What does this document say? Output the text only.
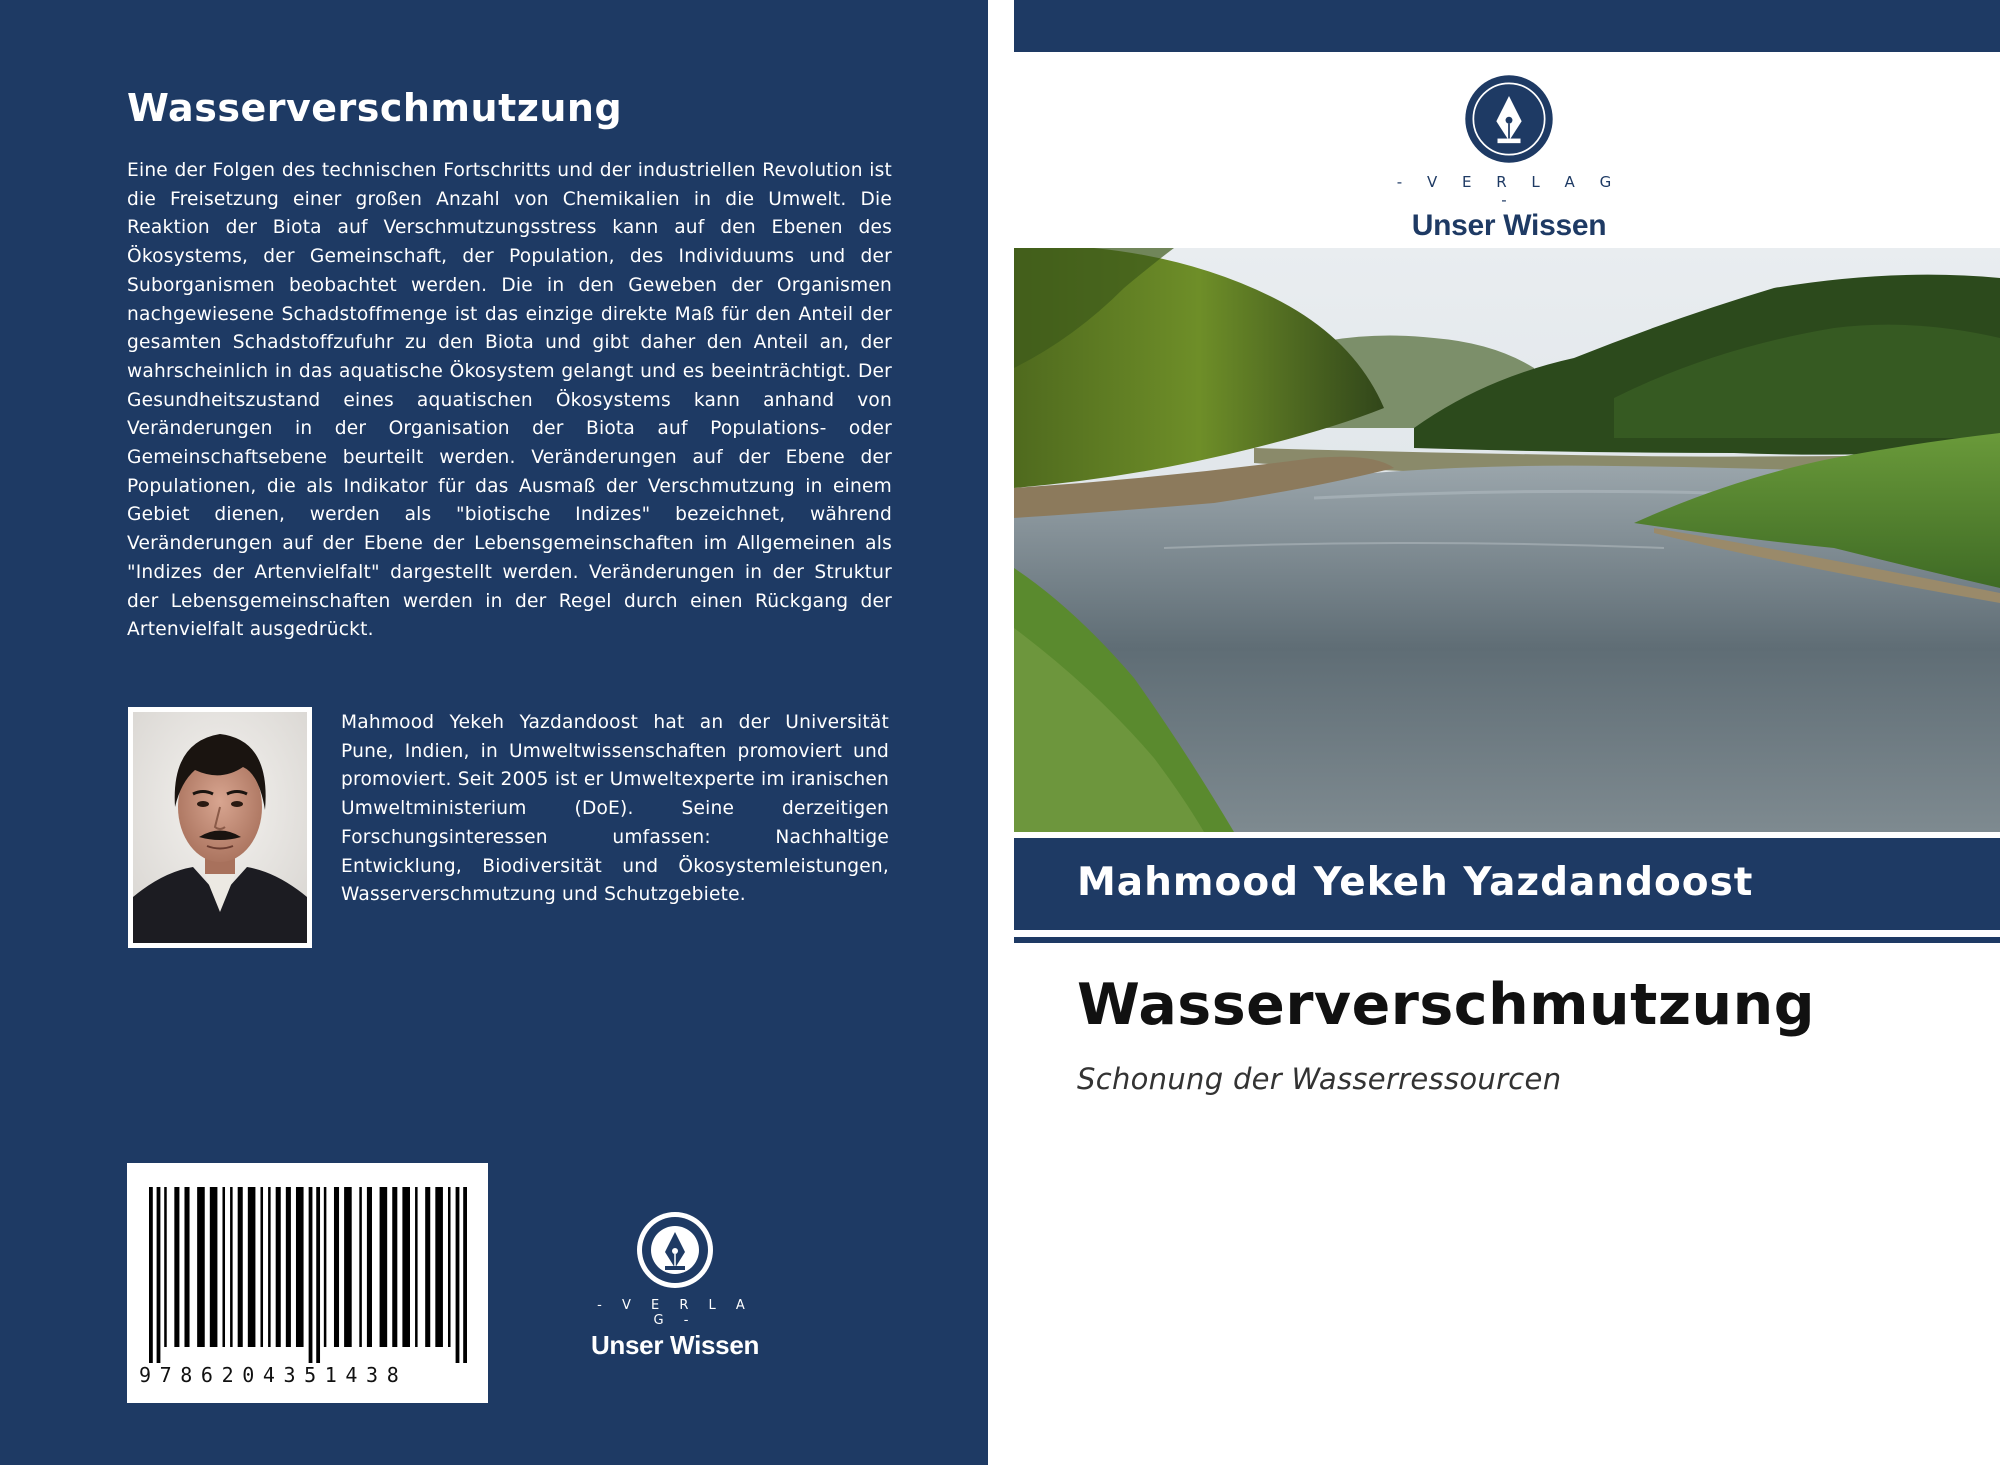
Wasserverschmutzung

Eine der Folgen des technischen Fortschritts und der industriellen Revolution ist die Freisetzung einer großen Anzahl von Chemikalien in die Umwelt. Die Reaktion der Biota auf Verschmutzungsstress kann auf den Ebenen des Ökosystems, der Gemeinschaft, der Population, des Individuums und der Suborganismen beobachtet werden. Die in den Geweben der Organismen nachgewiesene Schadstoffmenge ist das einzige direkte Maß für den Anteil der gesamten Schadstoffzufuhr zu den Biota und gibt daher den Anteil an, der wahrscheinlich in das aquatische Ökosystem gelangt und es beeinträchtigt. Der Gesundheitszustand eines aquatischen Ökosystems kann anhand von Veränderungen in der Organisation der Biota auf Populations- oder Gemeinschaftsebene beurteilt werden. Veränderungen auf der Ebene der Populationen, die als Indikator für das Ausmaß der Verschmutzung in einem Gebiet dienen, werden als "biotische Indizes" bezeichnet, während Veränderungen auf der Ebene der Lebensgemeinschaften im Allgemeinen als "Indizes der Artenvielfalt" dargestellt werden. Veränderungen in der Struktur der Lebensgemeinschaften werden in der Regel durch einen Rückgang der Artenvielfalt ausgedrückt.

Mahmood Yekeh Yazdandoost hat an der Universität Pune, Indien, in Umweltwissenschaften promoviert und promoviert. Seit 2005 ist er Umweltexperte im iranischen Umweltministerium (DoE). Seine derzeitigen Forschungsinteressen umfassen: Nachhaltige Entwicklung, Biodiversität und Ökosystemleistungen, Wasserverschmutzung und Schutzgebiete.

9786204351438
- V E R L A G -
Unser Wissen
- V E R L A G -
Unser Wissen
Mahmood Yekeh Yazdandoost
Wasserverschmutzung
Schonung der Wasserressourcen
